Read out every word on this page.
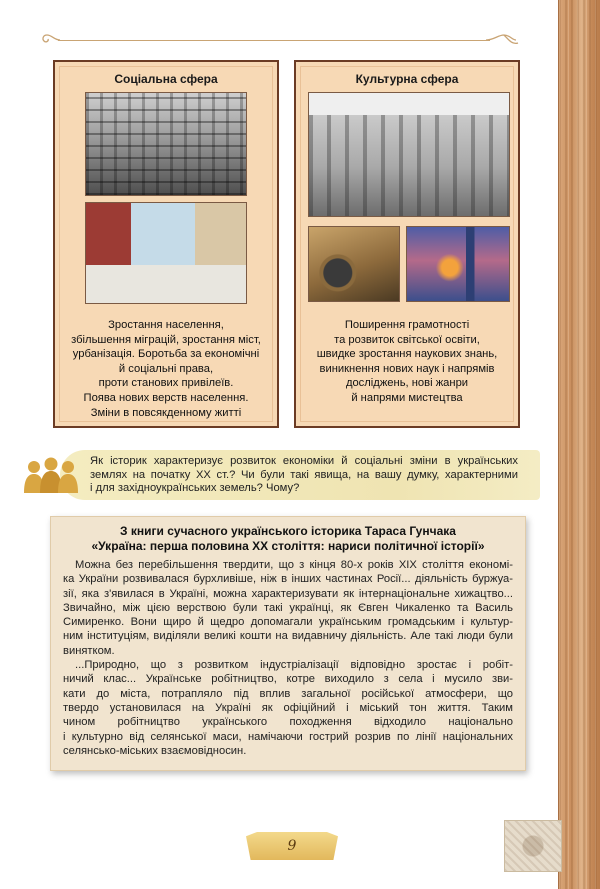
Соціальна сфера
Зростання населення,
збільшення міграцій, зростання міст,
урбанізація. Боротьба за економічні
й соціальні права,
проти станових привілеїв.
Поява нових верств населення.
Зміни в повсякденному житті
Культурна сфера
Поширення грамотності
та розвиток світської освіти,
швидке зростання наукових знань,
виникнення нових наук і напрямів
досліджень, нові жанри
й напрями мистецтва
Як історик характеризує розвиток економіки й соціальні зміни в українських
землях на початку XX ст.? Чи були такі явища, на вашу думку, характерними
і для західноукраїнських земель? Чому?
З книги сучасного українського історика Тараса Гунчака
«Україна: перша половина ХХ століття: нариси політичної історії»
Можна без перебільшення твердити, що з кінця 80-х років XIX століття економі-
ка України розвивалася бурхливіше, ніж в інших частинах Росії... діяльність буржуа-
зії, яка з'явилася в Україні, можна характеризувати як інтернаціональне хижацтво...
Звичайно, між цією верствою були такі українці, як Євген Чикаленко та Василь
Симиренко. Вони щиро й щедро допомагали українським громадським і культур-
ним інституціям, виділяли великі кошти на видавничу діяльність. Але такі люди були
винятком.
...Природно, що з розвитком індустріалізації відповідно зростає і робіт-
ничий клас... Українське робітництво, котре виходило з села і мусило зви-
кати до міста, потрапляло під вплив загальної російської атмосфери, що
твердо установилася на Україні як офіційний і міський тон життя. Таким
чином робітництво українського походження відходило національно
і культурно від селянської маси, намічаючи гострий розрив по лінії національних
селянсько-міських взаємовідносин.
9
